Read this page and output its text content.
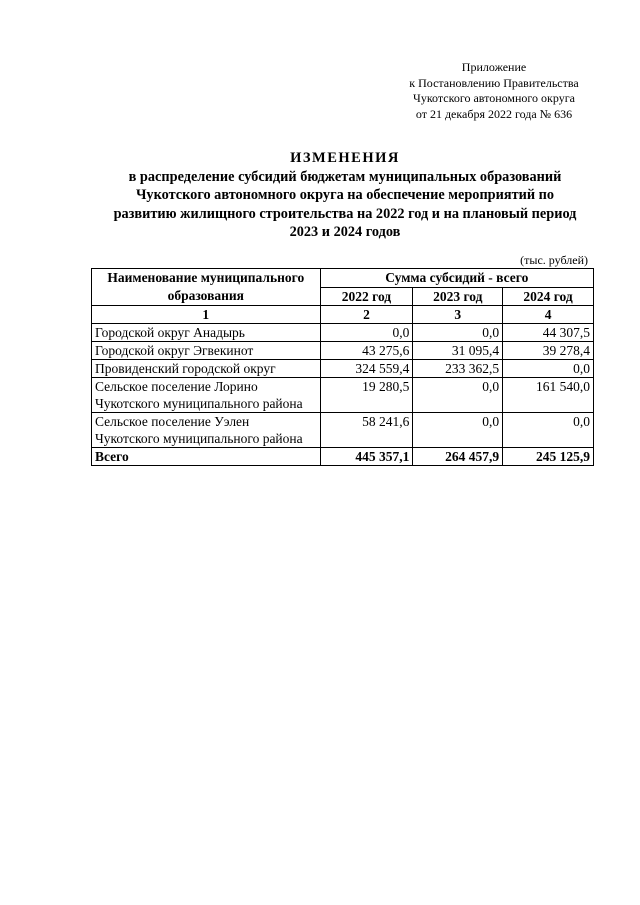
Приложение
к Постановлению Правительства
Чукотского автономного округа
от 21 декабря 2022 года № 636
ИЗМЕНЕНИЯ
в распределение субсидий бюджетам муниципальных образований
Чукотского автономного округа на обеспечение мероприятий по
развитию жилищного строительства на 2022 год и на плановый период
2023 и 2024 годов
(тыс. рублей)
Наименование муниципального образования	Сумма субсидий - всего		
	2022 год	2023 год	2024 год
1	2	3	4
Городской округ Анадырь	0,0	0,0	44 307,5
Городской округ Эгвекинот	43 275,6	31 095,4	39 278,4
Провиденский городской округ	324 559,4	233 362,5	0,0
Сельское поселение Лорино Чукотского муниципального района	19 280,5	0,0	161 540,0
Сельское поселение Уэлен Чукотского муниципального района	58 241,6	0,0	0,0
Всего	445 357,1	264 457,9	245 125,9
